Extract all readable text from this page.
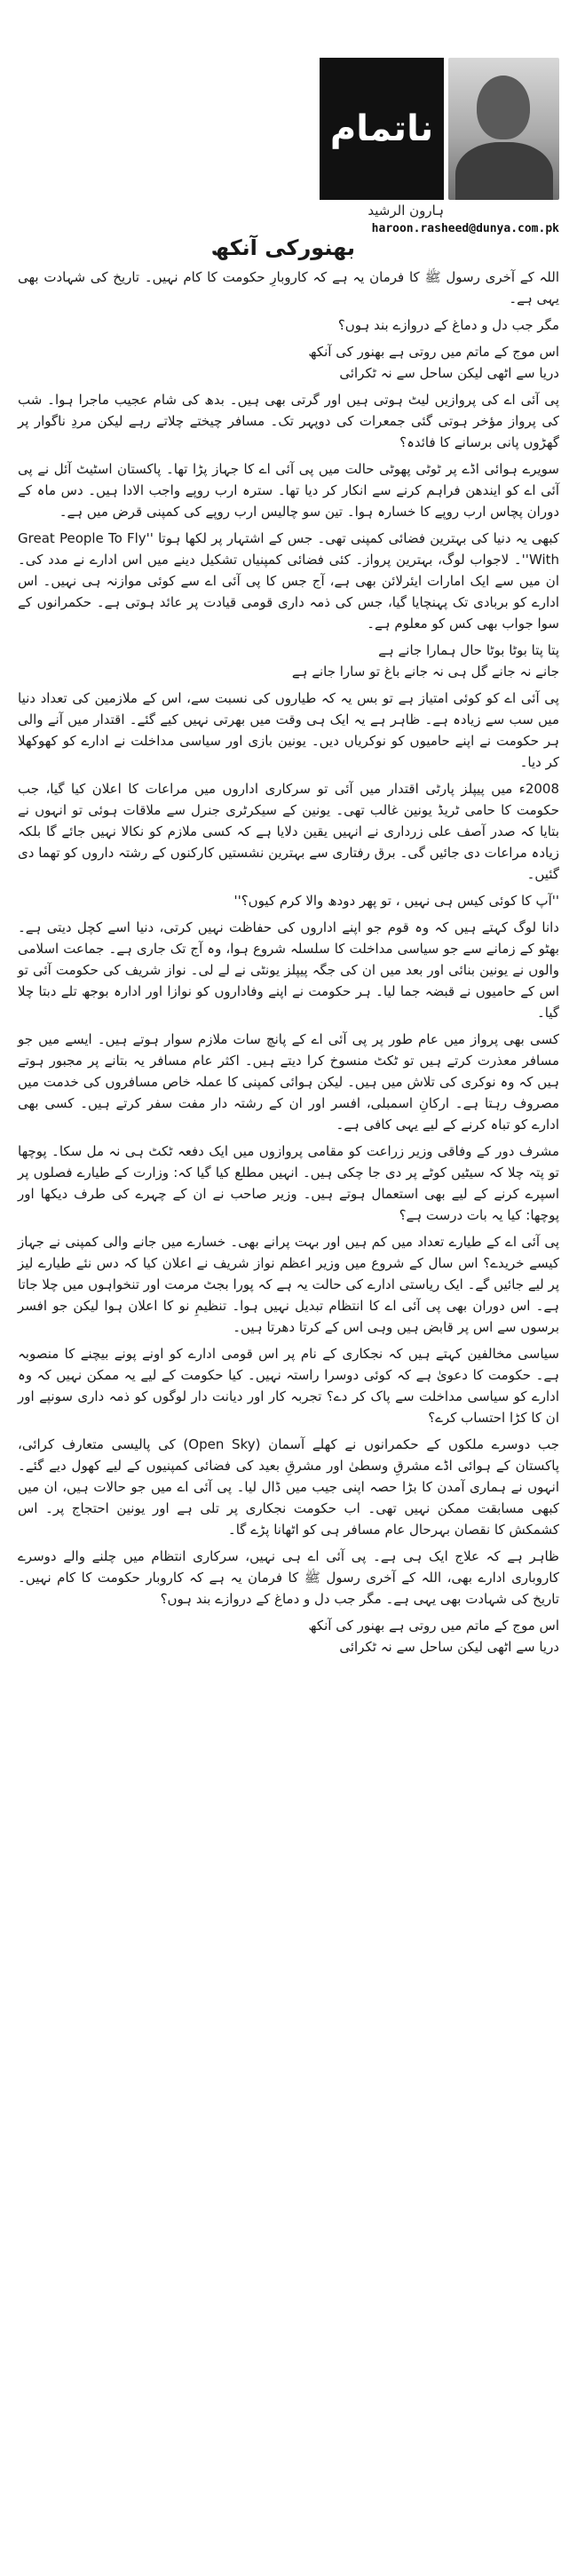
ناتمام
ہارون الرشید
haroon.rasheed@dunya.com.pk
بھنورکی آنکھ

اللہ کے آخری رسول ﷺ کا فرمان یہ ہے کہ کاروبارِ حکومت کا کام نہیں۔ تاریخ کی شہادت بھی یہی ہے۔

مگر جب دل و دماغ کے دروازے بند ہوں؟

اس موج کے ماتم میں روتی ہے بھنور کی آنکھ
دریا سے اٹھی لیکن ساحل سے نہ ٹکرائی

پی آئی اے کی پروازیں لیٹ ہوتی ہیں اور گرتی بھی ہیں۔ بدھ کی شام عجیب ماجرا ہوا۔ شب کی پرواز مؤخر ہوتی گئی جمعرات کی دوپہر تک۔ مسافر چیختے چلاتے رہے لیکن مردِ ناگوار پر گھڑوں پانی برسانے کا فائدہ؟

سویرے ہوائی اڈے پر ٹوٹی پھوٹی حالت میں پی آئی اے کا جہاز پڑا تھا۔ پاکستان اسٹیٹ آئل نے پی آئی اے کو ایندھن فراہم کرنے سے انکار کر دیا تھا۔ سترہ ارب روپے واجب الادا ہیں۔ دس ماہ کے دوران پچاس ارب روپے کا خسارہ ہوا۔ تین سو چالیس ارب روپے کی کمپنی قرض میں ہے۔

کبھی یہ دنیا کی بہترین فضائی کمپنی تھی۔ جس کے اشتہار پر لکھا ہوتا ''Great People To Fly With''۔ لاجواب لوگ، بہترین پرواز۔ کئی فضائی کمپنیاں تشکیل دینے میں اس ادارے نے مدد کی۔ ان میں سے ایک امارات ایئرلائن بھی ہے، آج جس کا پی آئی اے سے کوئی موازنہ ہی نہیں۔ اس ادارے کو بربادی تک پہنچایا گیا، جس کی ذمہ داری قومی قیادت پر عائد ہوتی ہے۔ حکمرانوں کے سوا جواب بھی کس کو معلوم ہے۔

پتا پتا بوٹا بوٹا حال ہمارا جانے ہے
جانے نہ جانے گل ہی نہ جانے باغ تو سارا جانے ہے

پی آئی اے کو کوئی امتیاز ہے تو بس یہ کہ طیاروں کی نسبت سے، اس کے ملازمین کی تعداد دنیا میں سب سے زیادہ ہے۔ ظاہر ہے یہ ایک ہی وقت میں بھرتی نہیں کیے گئے۔ اقتدار میں آنے والی ہر حکومت نے اپنے حامیوں کو نوکریاں دیں۔ یونین بازی اور سیاسی مداخلت نے ادارے کو کھوکھلا کر دیا۔

2008ء میں پیپلز پارٹی اقتدار میں آئی تو سرکاری اداروں میں مراعات کا اعلان کیا گیا، جب حکومت کا حامی ٹریڈ یونین غالب تھی۔ یونین کے سیکرٹری جنرل سے ملاقات ہوئی تو انہوں نے بتایا کہ صدر آصف علی زرداری نے انہیں یقین دلایا ہے کہ کسی ملازم کو نکالا نہیں جائے گا بلکہ زیادہ مراعات دی جائیں گی۔ برق رفتاری سے بہترین نشستیں کارکنوں کے رشتہ داروں کو تھما دی گئیں۔

''آپ کا کوئی کیس ہی نہیں ، تو پھر دودھ والا کرم کیوں؟''

دانا لوگ کہتے ہیں کہ وہ قوم جو اپنے اداروں کی حفاظت نہیں کرتی، دنیا اسے کچل دیتی ہے۔ بھٹو کے زمانے سے جو سیاسی مداخلت کا سلسلہ شروع ہوا، وہ آج تک جاری ہے۔ جماعت اسلامی والوں نے یونین بنائی اور بعد میں ان کی جگہ پیپلز یونٹی نے لے لی۔ نواز شریف کی حکومت آئی تو اس کے حامیوں نے قبضہ جما لیا۔ ہر حکومت نے اپنے وفاداروں کو نوازا اور ادارہ بوجھ تلے دبتا چلا گیا۔

کسی بھی پرواز میں عام طور پر پی آئی اے کے پانچ سات ملازم سوار ہوتے ہیں۔ ایسے میں جو مسافر معذرت کرتے ہیں تو ٹکٹ منسوخ کرا دیتے ہیں۔ اکثر عام مسافر یہ بتانے پر مجبور ہوتے ہیں کہ وہ نوکری کی تلاش میں ہیں۔ لیکن ہوائی کمپنی کا عملہ خاص مسافروں کی خدمت میں مصروف رہتا ہے۔ ارکانِ اسمبلی، افسر اور ان کے رشتہ دار مفت سفر کرتے ہیں۔ کسی بھی ادارے کو تباہ کرنے کے لیے یہی کافی ہے۔

مشرف دور کے وفاقی وزیر زراعت کو مقامی پروازوں میں ایک دفعہ ٹکٹ ہی نہ مل سکا۔ پوچھا تو پتہ چلا کہ سیٹیں کوٹے پر دی جا چکی ہیں۔ انہیں مطلع کیا گیا کہ: وزارت کے طیارے فصلوں پر اسپرے کرنے کے لیے بھی استعمال ہوتے ہیں۔ وزیر صاحب نے ان کے چہرے کی طرف دیکھا اور پوچھا: کیا یہ بات درست ہے؟

پی آئی اے کے طیارے تعداد میں کم ہیں اور بہت پرانے بھی۔ خسارے میں جانے والی کمپنی نے جہاز کیسے خریدے؟ اس سال کے شروع میں وزیر اعظم نواز شریف نے اعلان کیا کہ دس نئے طیارے لیز پر لیے جائیں گے۔ ایک ریاستی ادارے کی حالت یہ ہے کہ پورا بجٹ مرمت اور تنخواہوں میں چلا جاتا ہے۔ اس دوران بھی پی آئی اے کا انتظام تبدیل نہیں ہوا۔ تنظیمِ نو کا اعلان ہوا لیکن جو افسر برسوں سے اس پر قابض ہیں وہی اس کے کرتا دھرتا ہیں۔

سیاسی مخالفین کہتے ہیں کہ نجکاری کے نام پر اس قومی ادارے کو اونے پونے بیچنے کا منصوبہ ہے۔ حکومت کا دعویٰ ہے کہ کوئی دوسرا راستہ نہیں۔ کیا حکومت کے لیے یہ ممکن نہیں کہ وہ ادارے کو سیاسی مداخلت سے پاک کر دے؟ تجربہ کار اور دیانت دار لوگوں کو ذمہ داری سونپے اور ان کا کڑا احتساب کرے؟

جب دوسرے ملکوں کے حکمرانوں نے کھلے آسمان (Open Sky) کی پالیسی متعارف کرائی، پاکستان کے ہوائی اڈے مشرقِ وسطیٰ اور مشرقِ بعید کی فضائی کمپنیوں کے لیے کھول دیے گئے۔ انہوں نے ہماری آمدن کا بڑا حصہ اپنی جیب میں ڈال لیا۔ پی آئی اے میں جو حالات ہیں، ان میں کبھی مسابقت ممکن نہیں تھی۔ اب حکومت نجکاری پر تلی ہے اور یونین احتجاج پر۔ اس کشمکش کا نقصان بہرحال عام مسافر ہی کو اٹھانا پڑے گا۔

ظاہر ہے کہ علاج ایک ہی ہے۔ پی آئی اے ہی نہیں، سرکاری انتظام میں چلنے والے دوسرے کاروباری ادارے بھی، اللہ کے آخری رسول ﷺ کا فرمان یہ ہے کہ کاروبار حکومت کا کام نہیں۔ تاریخ کی شہادت بھی یہی ہے۔ مگر جب دل و دماغ کے دروازے بند ہوں؟

اس موج کے ماتم میں روتی ہے بھنور کی آنکھ
دریا سے اٹھی لیکن ساحل سے نہ ٹکرائی
